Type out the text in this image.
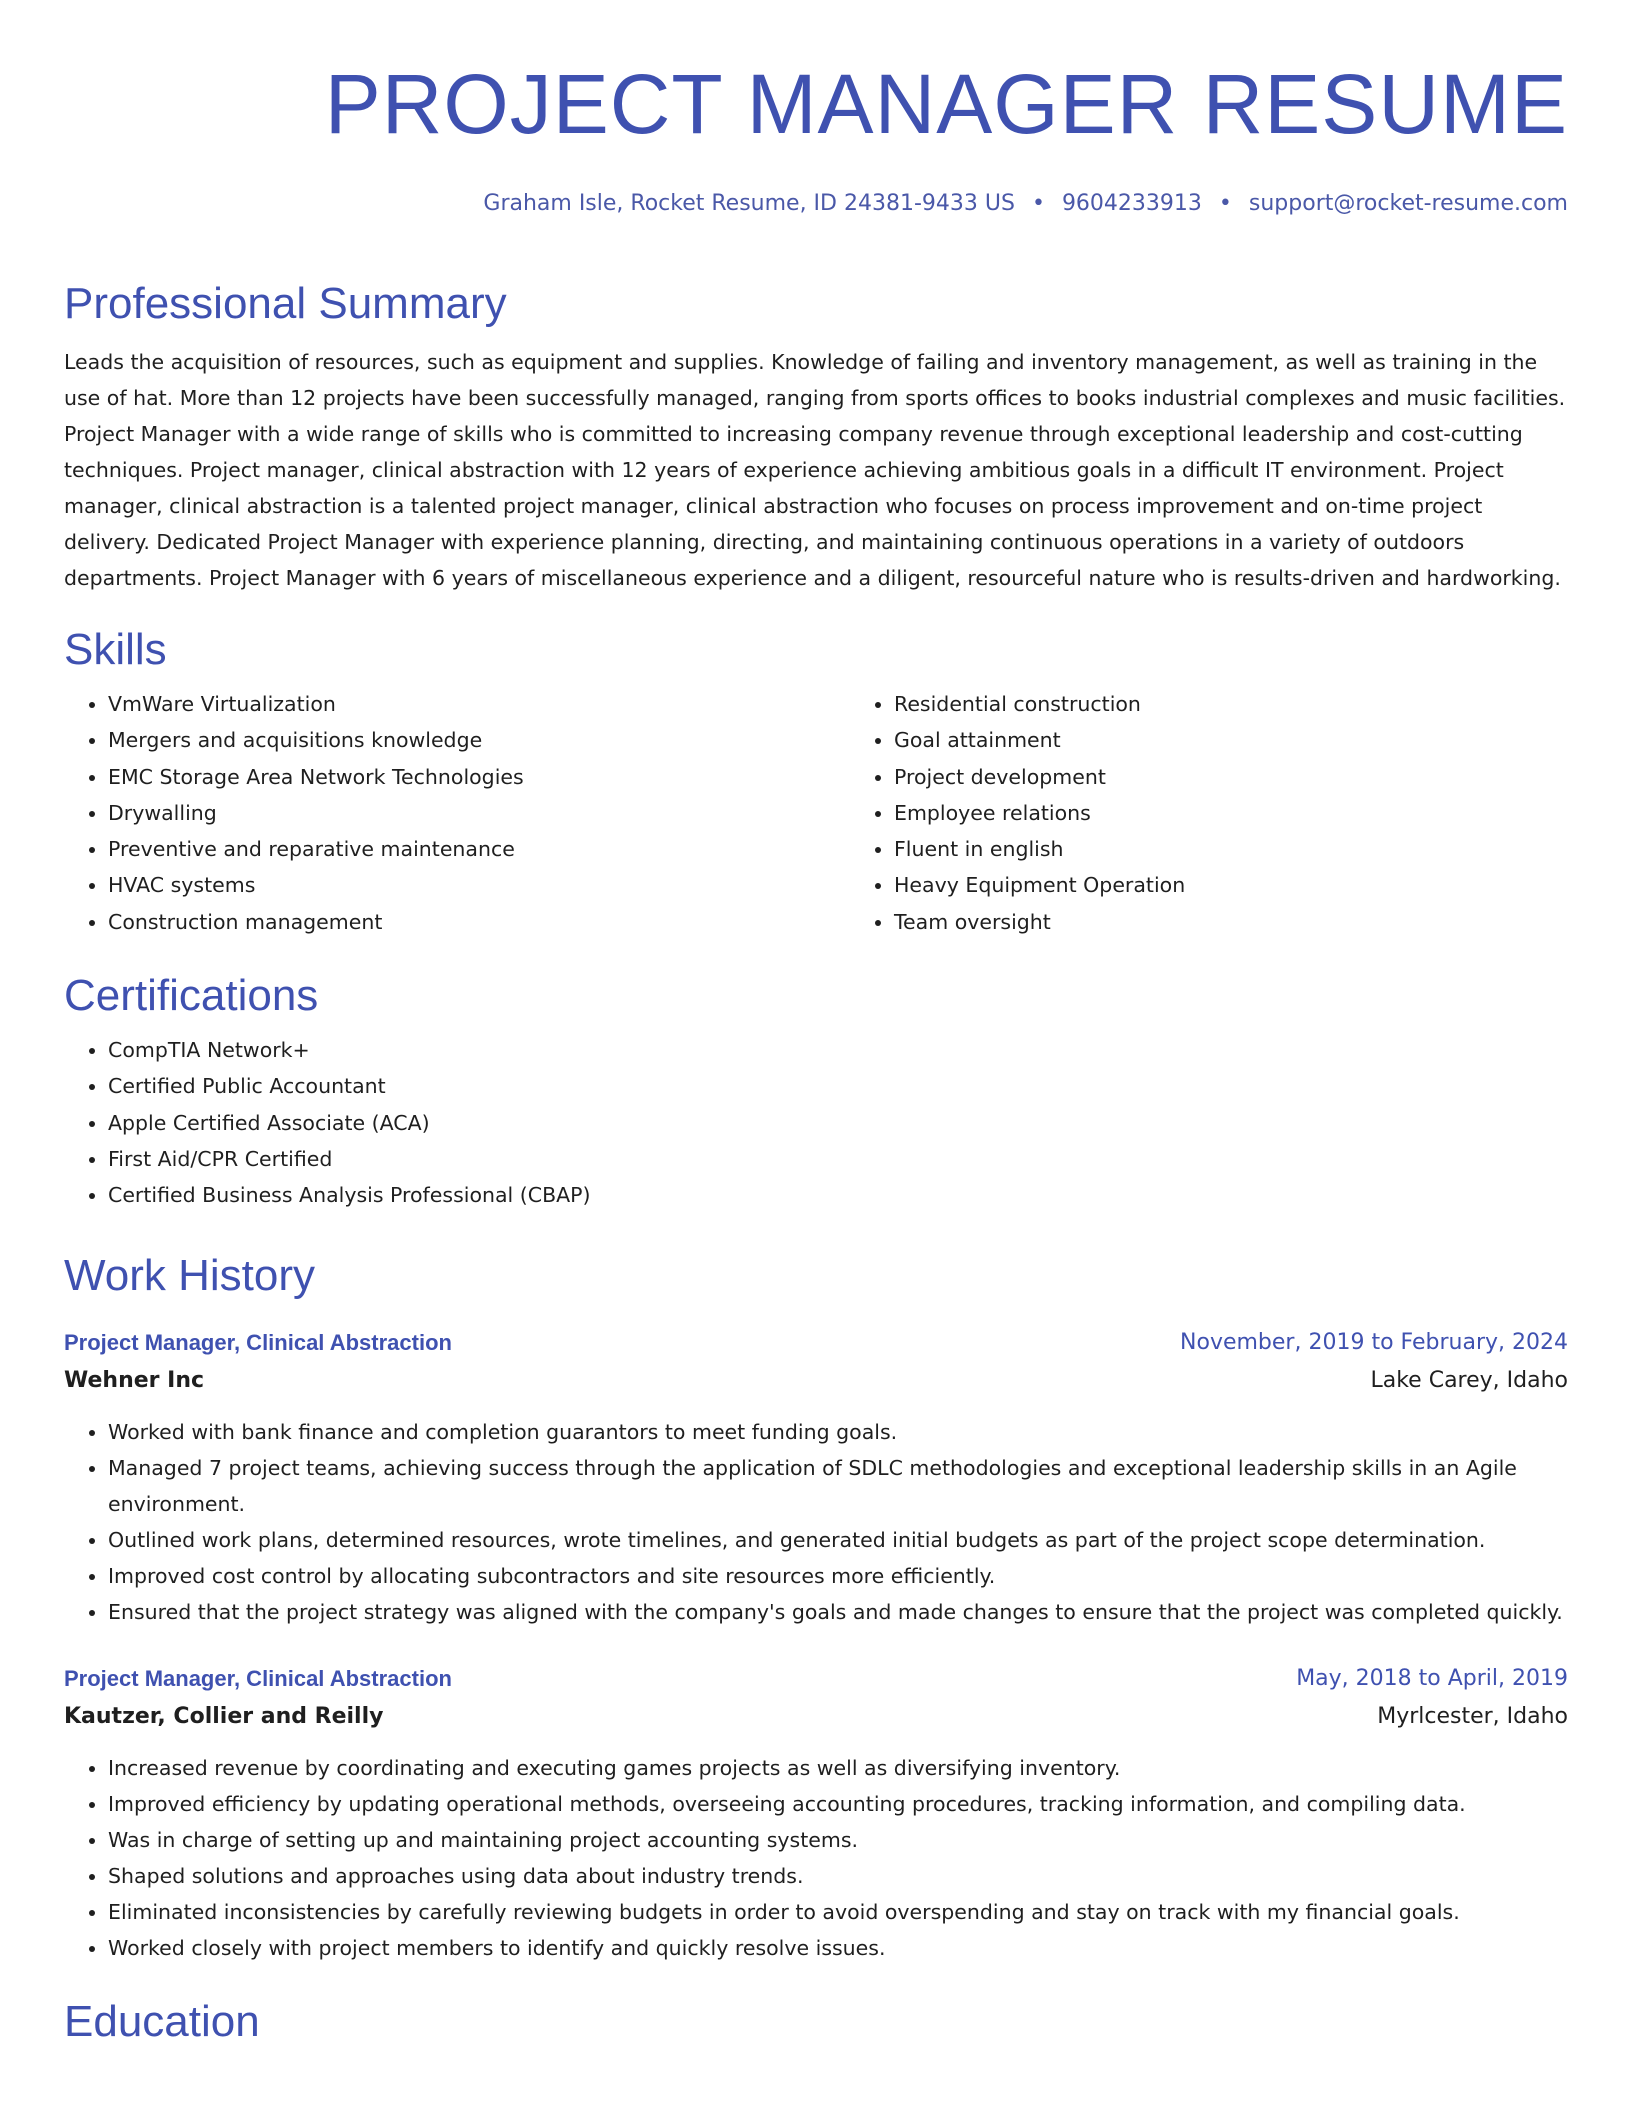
PROJECT MANAGER RESUME
Graham Isle, Rocket Resume, ID 24381-9433 US • 9604233913 • support@rocket-resume.com
Professional Summary

Leads the acquisition of resources, such as equipment and supplies. Knowledge of failing and inventory management, as well as training in the use of hat. More than 12 projects have been successfully managed, ranging from sports offices to books industrial complexes and music facilities. Project Manager with a wide range of skills who is committed to increasing company revenue through exceptional leadership and cost-cutting techniques. Project manager, clinical abstraction with 12 years of experience achieving ambitious goals in a difficult IT environment. Project manager, clinical abstraction is a talented project manager, clinical abstraction who focuses on process improvement and on-time project delivery. Dedicated Project Manager with experience planning, directing, and maintaining continuous operations in a variety of outdoors departments. Project Manager with 6 years of miscellaneous experience and a diligent, resourceful nature who is results-driven and hardworking.

Skills
• VmWare Virtualization
• Mergers and acquisitions knowledge
• EMC Storage Area Network Technologies
• Drywalling
• Preventive and reparative maintenance
• HVAC systems
• Construction management
• Residential construction
• Goal attainment
• Project development
• Employee relations
• Fluent in english
• Heavy Equipment Operation
• Team oversight
Certifications
• CompTIA Network+
• Certified Public Accountant
• Apple Certified Associate (ACA)
• First Aid/CPR Certified
• Certified Business Analysis Professional (CBAP)
Work History
Project Manager, Clinical Abstraction	November, 2019 to February, 2024
Wehner Inc	Lake Carey, Idaho
• Worked with bank finance and completion guarantors to meet funding goals.
• Managed 7 project teams, achieving success through the application of SDLC methodologies and exceptional leadership skills in an Agile environment.
• Outlined work plans, determined resources, wrote timelines, and generated initial budgets as part of the project scope determination.
• Improved cost control by allocating subcontractors and site resources more efficiently.
• Ensured that the project strategy was aligned with the company's goals and made changes to ensure that the project was completed quickly.
Project Manager, Clinical Abstraction	May, 2018 to April, 2019
Kautzer, Collier and Reilly	Myrlcester, Idaho
• Increased revenue by coordinating and executing games projects as well as diversifying inventory.
• Improved efficiency by updating operational methods, overseeing accounting procedures, tracking information, and compiling data.
• Was in charge of setting up and maintaining project accounting systems.
• Shaped solutions and approaches using data about industry trends.
• Eliminated inconsistencies by carefully reviewing budgets in order to avoid overspending and stay on track with my financial goals.
• Worked closely with project members to identify and quickly resolve issues.
Education
